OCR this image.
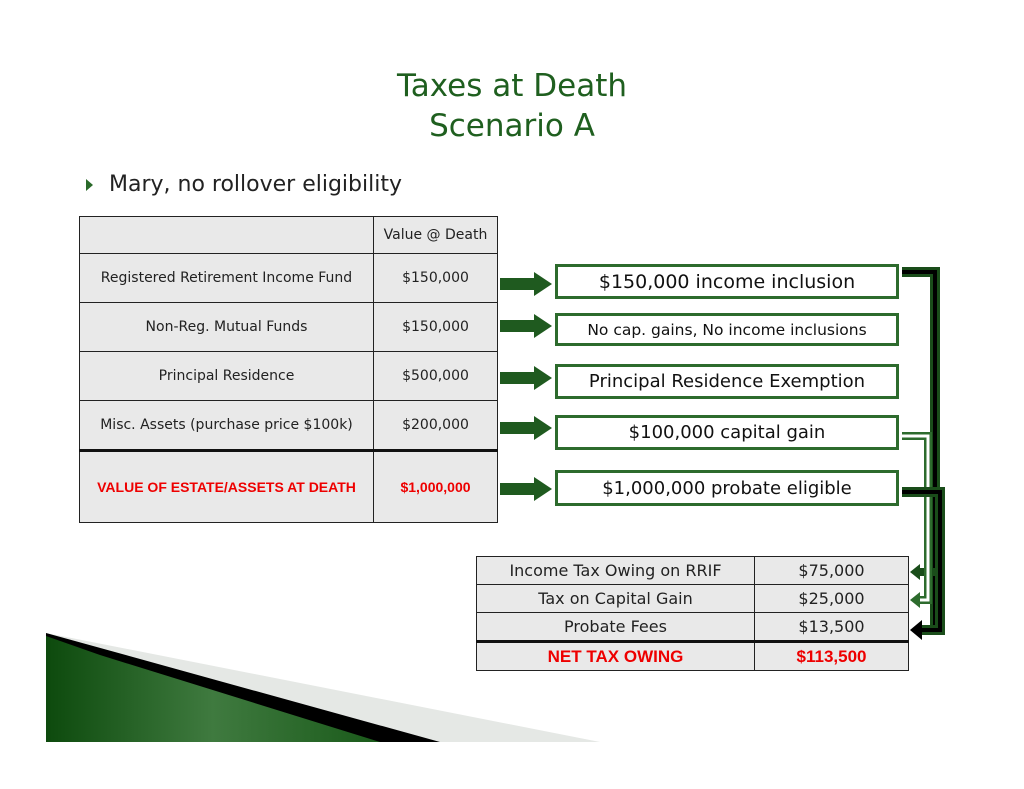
Taxes at Death
Scenario A
Mary, no rollover eligibility
	Value @ Death
Registered Retirement Income Fund	$150,000
Non-Reg. Mutual Funds	$150,000
Principal Residence	$500,000
Misc. Assets (purchase price $100k)	$200,000
VALUE OF ESTATE/ASSETS AT DEATH	$1,000,000
$150,000 income inclusion
No cap. gains, No income inclusions
Principal Residence Exemption
$100,000 capital gain
$1,000,000 probate eligible
Income Tax Owing on RRIF	$75,000
Tax on Capital Gain	$25,000
Probate Fees	$13,500
NET TAX OWING	$113,500
